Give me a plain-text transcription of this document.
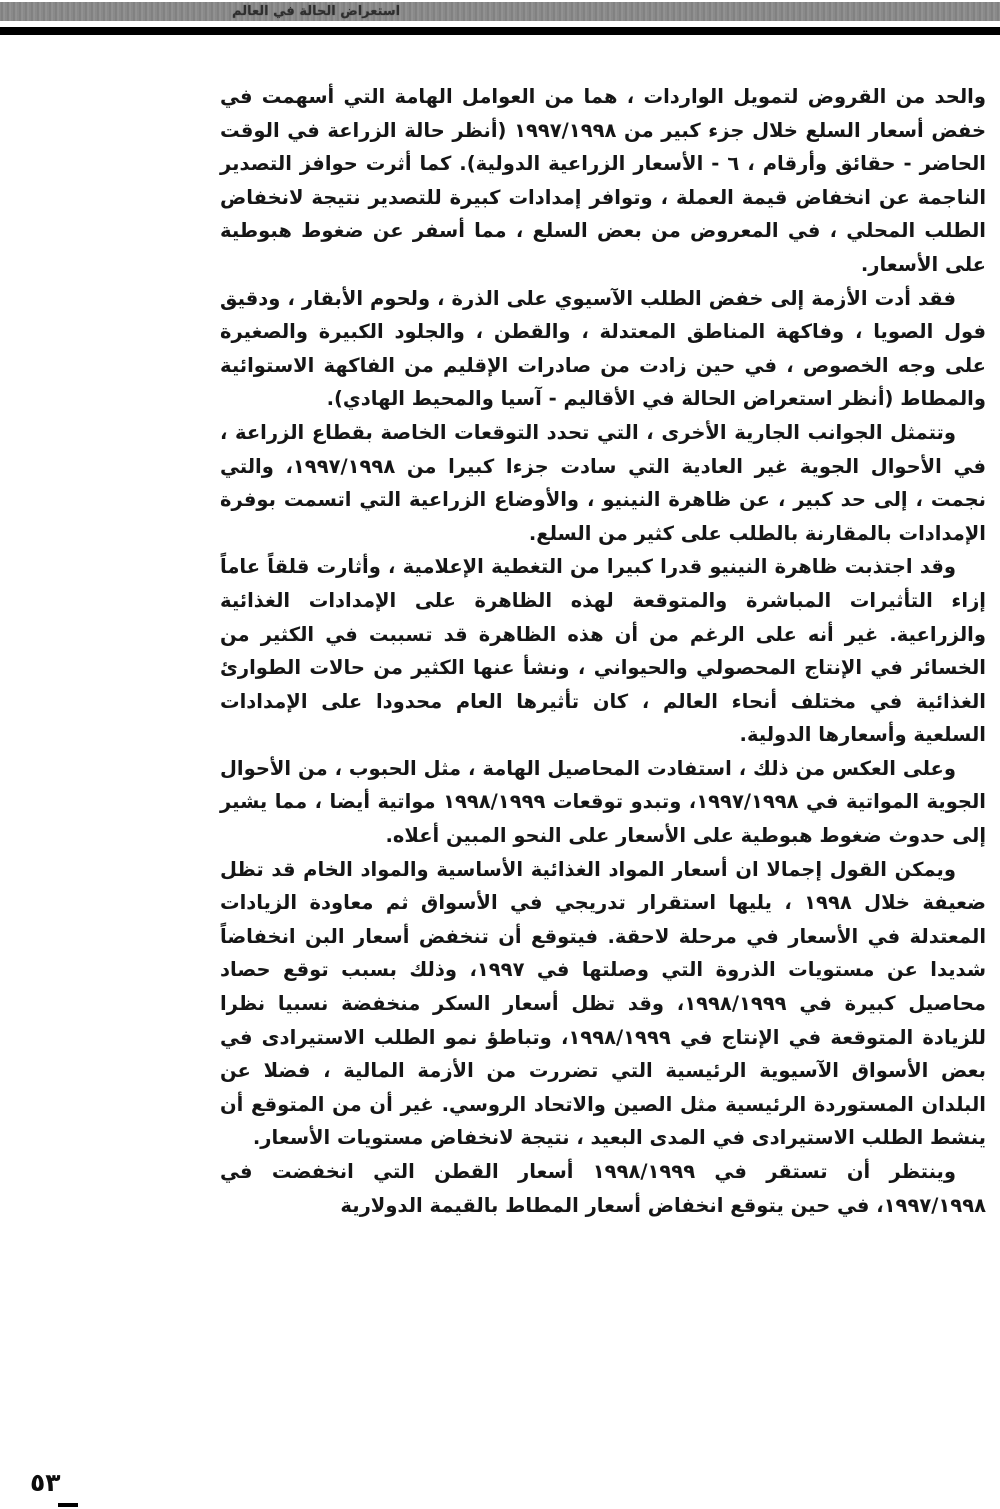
استعراض الحالة في العالم

والحد من القروض لتمويل الواردات ، هما من العوامل الهامة التي أسهمت في خفض أسعار السلع خلال جزء كبير من ١٩٩٧/١٩٩٨ (أنظر حالة الزراعة في الوقت الحاضر - حقائق وأرقام ، ٦ - الأسعار الزراعية الدولية). كما أثرت حوافز التصدير الناجمة عن انخفاض قيمة العملة ، وتوافر إمدادات كبيرة للتصدير نتيجة لانخفاض الطلب المحلي ، في المعروض من بعض السلع ، مما أسفر عن ضغوط هبوطية على الأسعار.

فقد أدت الأزمة إلى خفض الطلب الآسيوي على الذرة ، ولحوم الأبقار ، ودقيق فول الصويا ، وفاكهة المناطق المعتدلة ، والقطن ، والجلود الكبيرة والصغيرة على وجه الخصوص ، في حين زادت من صادرات الإقليم من الفاكهة الاستوائية والمطاط (أنظر استعراض الحالة في الأقاليم - آسيا والمحيط الهادي).

وتتمثل الجوانب الجارية الأخرى ، التي تحدد التوقعات الخاصة بقطاع الزراعة ، في الأحوال الجوية غير العادية التي سادت جزءا كبيرا من ١٩٩٧/١٩٩٨، والتي نجمت ، إلى حد كبير ، عن ظاهرة النينيو ، والأوضاع الزراعية التي اتسمت بوفرة الإمدادات بالمقارنة بالطلب على كثير من السلع.

وقد اجتذبت ظاهرة النينيو قدرا كبيرا من التغطية الإعلامية ، وأثارت قلقاً عاماً إزاء التأثيرات المباشرة والمتوقعة لهذه الظاهرة على الإمدادات الغذائية والزراعية. غير أنه على الرغم من أن هذه الظاهرة قد تسببت في الكثير من الخسائر في الإنتاج المحصولي والحيواني ، ونشأ عنها الكثير من حالات الطوارئ الغذائية في مختلف أنحاء العالم ، كان تأثيرها العام محدودا على الإمدادات السلعية وأسعارها الدولية.

وعلى العكس من ذلك ، استفادت المحاصيل الهامة ، مثل الحبوب ، من الأحوال الجوية المواتية في ١٩٩٧/١٩٩٨، وتبدو توقعات ١٩٩٨/١٩٩٩ مواتية أيضا ، مما يشير إلى حدوث ضغوط هبوطية على الأسعار على النحو المبين أعلاه.

ويمكن القول إجمالا ان أسعار المواد الغذائية الأساسية والمواد الخام قد تظل ضعيفة خلال ١٩٩٨ ، يليها استقرار تدريجي في الأسواق ثم معاودة الزيادات المعتدلة في الأسعار في مرحلة لاحقة. فيتوقع أن تنخفض أسعار البن انخفاضاً شديدا عن مستويات الذروة التي وصلتها في ١٩٩٧، وذلك بسبب توقع حصاد محاصيل كبيرة في ١٩٩٨/١٩٩٩، وقد تظل أسعار السكر منخفضة نسبيا نظرا للزيادة المتوقعة في الإنتاج في ١٩٩٨/١٩٩٩، وتباطؤ نمو الطلب الاستيرادى في بعض الأسواق الآسيوية الرئيسية التي تضررت من الأزمة المالية ، فضلا عن البلدان المستوردة الرئيسية مثل الصين والاتحاد الروسي. غير أن من المتوقع أن ينشط الطلب الاستيرادى في المدى البعيد ، نتيجة لانخفاض مستويات الأسعار.

وينتظر أن تستقر في ١٩٩٨/١٩٩٩ أسعار القطن التي انخفضت في ١٩٩٧/١٩٩٨، في حين يتوقع انخفاض أسعار المطاط بالقيمة الدولارية

٥٣
